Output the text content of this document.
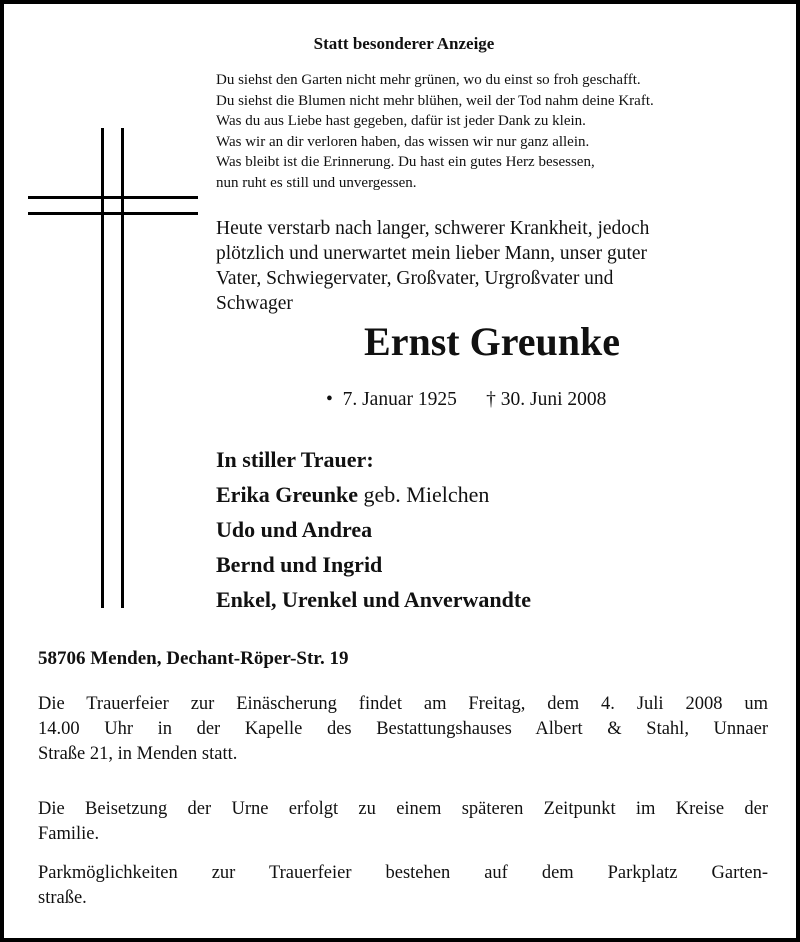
Statt besonderer Anzeige
Du siehst den Garten nicht mehr grünen, wo du einst so froh geschafft.
Du siehst die Blumen nicht mehr blühen, weil der Tod nahm deine Kraft.
Was du aus Liebe hast gegeben, dafür ist jeder Dank zu klein.
Was wir an dir verloren haben, das wissen wir nur ganz allein.
Was bleibt ist die Erinnerung. Du hast ein gutes Herz besessen,
nun ruht es still und unvergessen.
Heute verstarb nach langer, schwerer Krankheit, jedoch
plötzlich und unerwartet mein lieber Mann, unser guter
Vater, Schwiegervater, Großvater, Urgroßvater und
Schwager
Ernst Greunke
•  7. Januar 1925 † 30. Juni 2008
In stiller Trauer:
Erika Greunke geb. Mielchen
Udo und Andrea
Bernd und Ingrid
Enkel, Urenkel und Anverwandte
58706 Menden, Dechant-Röper-Str. 19
Die Trauerfeier zur Einäscherung findet am Freitag, dem 4. Juli 2008 um
14.00 Uhr in der Kapelle des Bestattungshauses Albert & Stahl, Unnaer
Straße 21, in Menden statt.
Die Beisetzung der Urne erfolgt zu einem späteren Zeitpunkt im Kreise der
Familie.
Parkmöglichkeiten zur Trauerfeier bestehen auf dem Parkplatz Garten-
straße.
